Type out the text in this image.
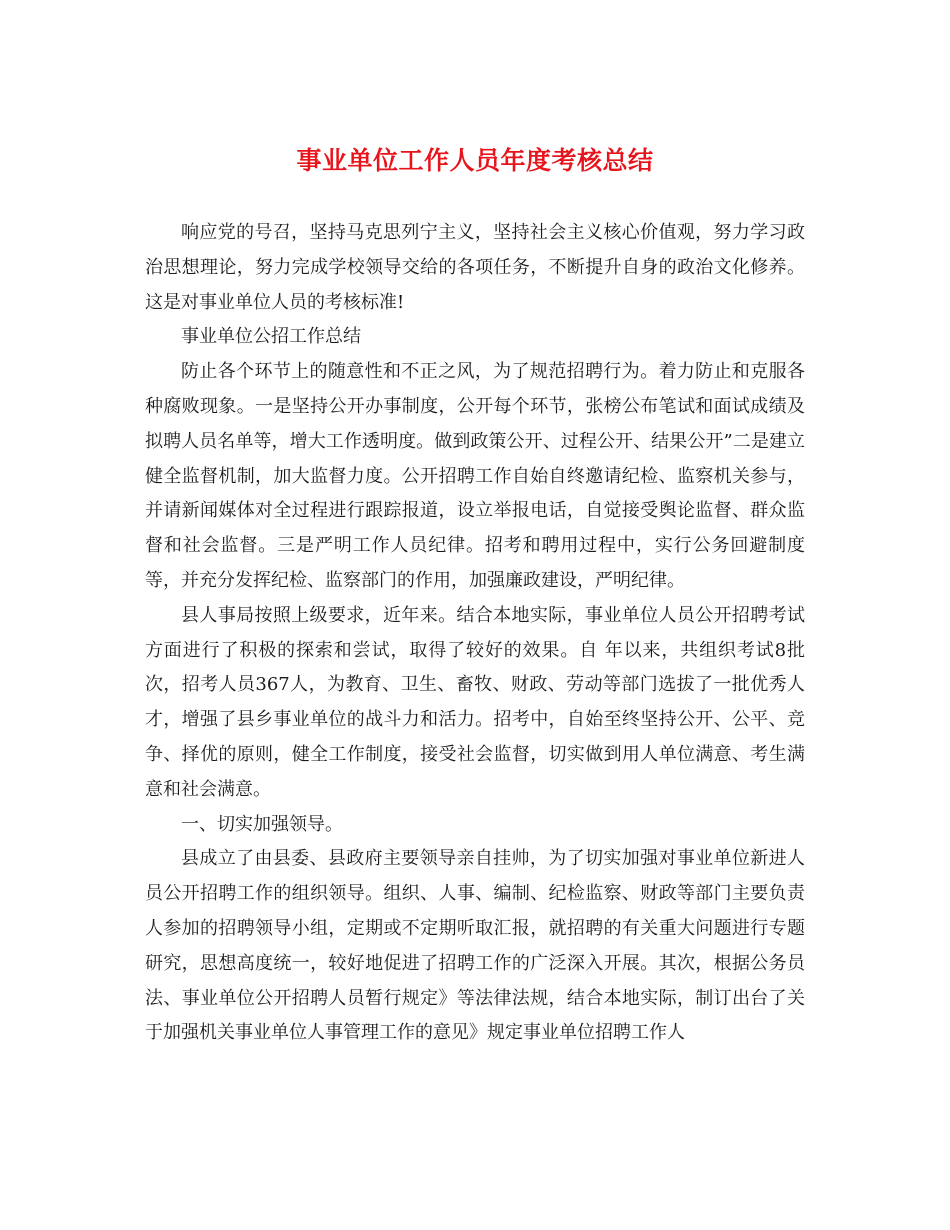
事业单位工作人员年度考核总结

响应党的号召，坚持马克思列宁主义，坚持社会主义核心价值观，努力学习政治思想理论，努力完成学校领导交给的各项任务，不断提升自身的政治文化修养。这是对事业单位人员的考核标准!

事业单位公招工作总结

防止各个环节上的随意性和不正之风，为了规范招聘行为。着力防止和克服各种腐败现象。一是坚持公开办事制度，公开每个环节，张榜公布笔试和面试成绩及拟聘人员名单等，增大工作透明度。做到政策公开、过程公开、结果公开”二是建立健全监督机制，加大监督力度。公开招聘工作自始自终邀请纪检、监察机关参与，并请新闻媒体对全过程进行跟踪报道，设立举报电话，自觉接受舆论监督、群众监督和社会监督。三是严明工作人员纪律。招考和聘用过程中，实行公务回避制度等，并充分发挥纪检、监察部门的作用，加强廉政建设，严明纪律。

县人事局按照上级要求，近年来。结合本地实际，事业单位人员公开招聘考试方面进行了积极的探索和尝试，取得了较好的效果。自 年以来，共组织考试8批次，招考人员367人，为教育、卫生、畜牧、财政、劳动等部门选拔了一批优秀人才，增强了县乡事业单位的战斗力和活力。招考中，自始至终坚持公开、公平、竞争、择优的原则，健全工作制度，接受社会监督，切实做到用人单位满意、考生满意和社会满意。

一、切实加强领导。

县成立了由县委、县政府主要领导亲自挂帅，为了切实加强对事业单位新进人员公开招聘工作的组织领导。组织、人事、编制、纪检监察、财政等部门主要负责人参加的招聘领导小组，定期或不定期听取汇报，就招聘的有关重大问题进行专题研究，思想高度统一，较好地促进了招聘工作的广泛深入开展。其次，根据公务员法、事业单位公开招聘人员暂行规定》等法律法规，结合本地实际，制订出台了关于加强机关事业单位人事管理工作的意见》规定事业单位招聘工作人
